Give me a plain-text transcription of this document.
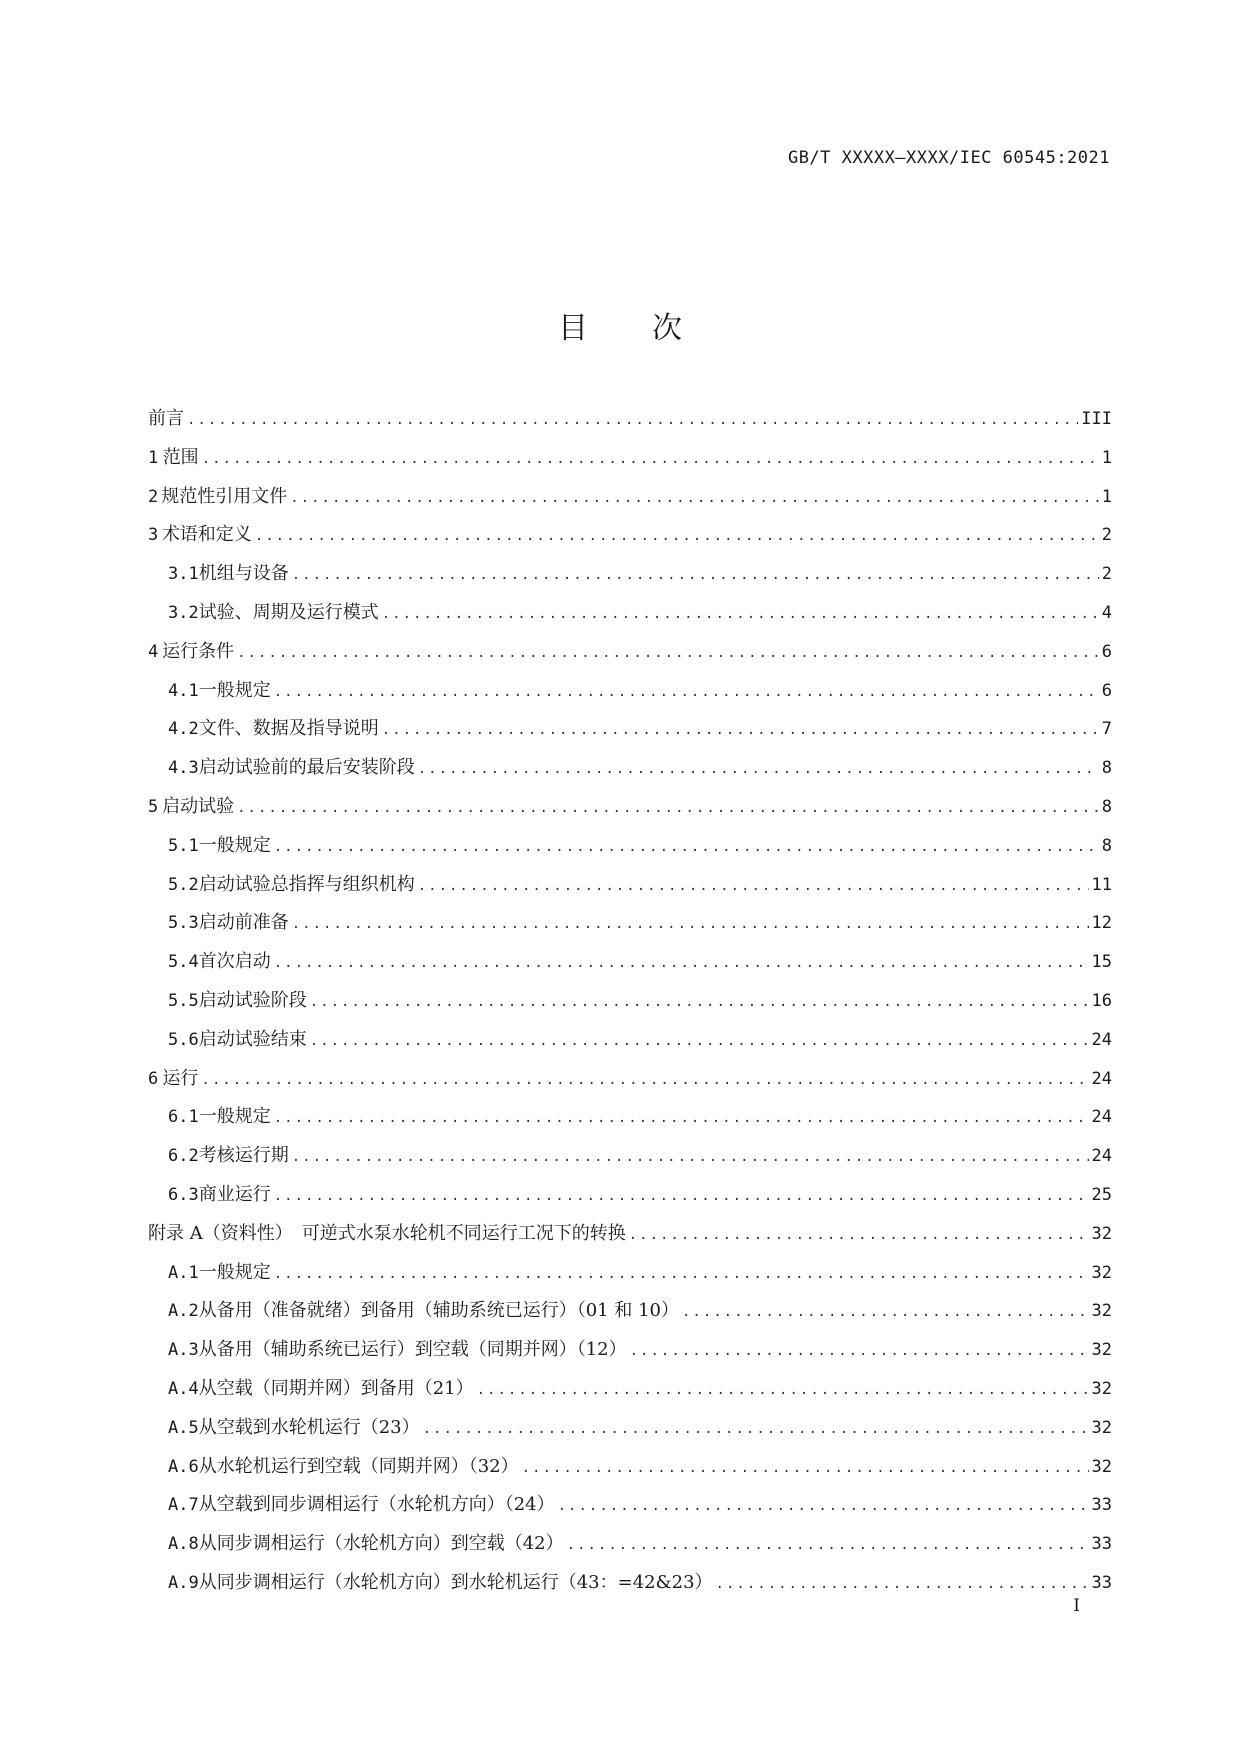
GB/T XXXXX—XXXX/IEC 60545:2021
目次
前言 .....	III
1 范围 .....	1
2 规范性引用文件 .....	1
3 术语和定义 .....	2
3.1 机组与设备 .....	2
3.2 试验、周期及运行模式 .....	4
4 运行条件 .....	6
4.1 一般规定 .....	6
4.2 文件、数据及指导说明 .....	7
4.3 启动试验前的最后安装阶段 .....	8
5 启动试验 .....	8
5.1 一般规定 .....	8
5.2 启动试验总指挥与组织机构 .....	11
5.3 启动前准备 .....	12
5.4 首次启动 .....	15
5.5 启动试验阶段 .....	16
5.6 启动试验结束 .....	24
6 运行 .....	24
6.1 一般规定 .....	24
6.2 考核运行期 .....	24
6.3 商业运行 .....	25
附录 A（资料性）　可逆式水泵水轮机不同运行工况下的转换 .....	32
A.1 一般规定 .....	32
A.2 从备用（准备就绪）到备用（辅助系统已运行）（01 和 10） .....	32
A.3 从备用（辅助系统已运行）到空载（同期并网）（12） .....	32
A.4 从空载（同期并网）到备用（21） .....	32
A.5 从空载到水轮机运行（23） .....	32
A.6 从水轮机运行到空载（同期并网）（32） .....	32
A.7 从空载到同步调相运行（水轮机方向）（24） .....	33
A.8 从同步调相运行（水轮机方向）到空载（42） .....	33
A.9 从同步调相运行（水轮机方向）到水轮机运行（43：=42&23） .....	33
I
